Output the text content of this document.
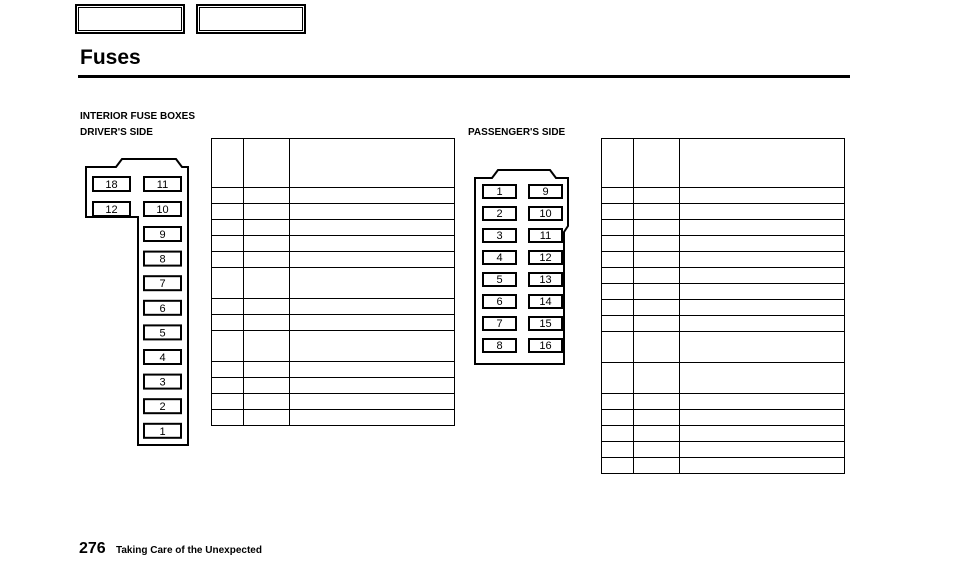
Fuses
INTERIOR FUSE BOXES
DRIVER'S SIDE	PASSENGER'S SIDE
18	11
12	10
9
8
7
6
5
4
3
2
1
1	9
2	10
3	11
4	12
5	13
6	14
7	15
8	16

276 Taking Care of the Unexpected
